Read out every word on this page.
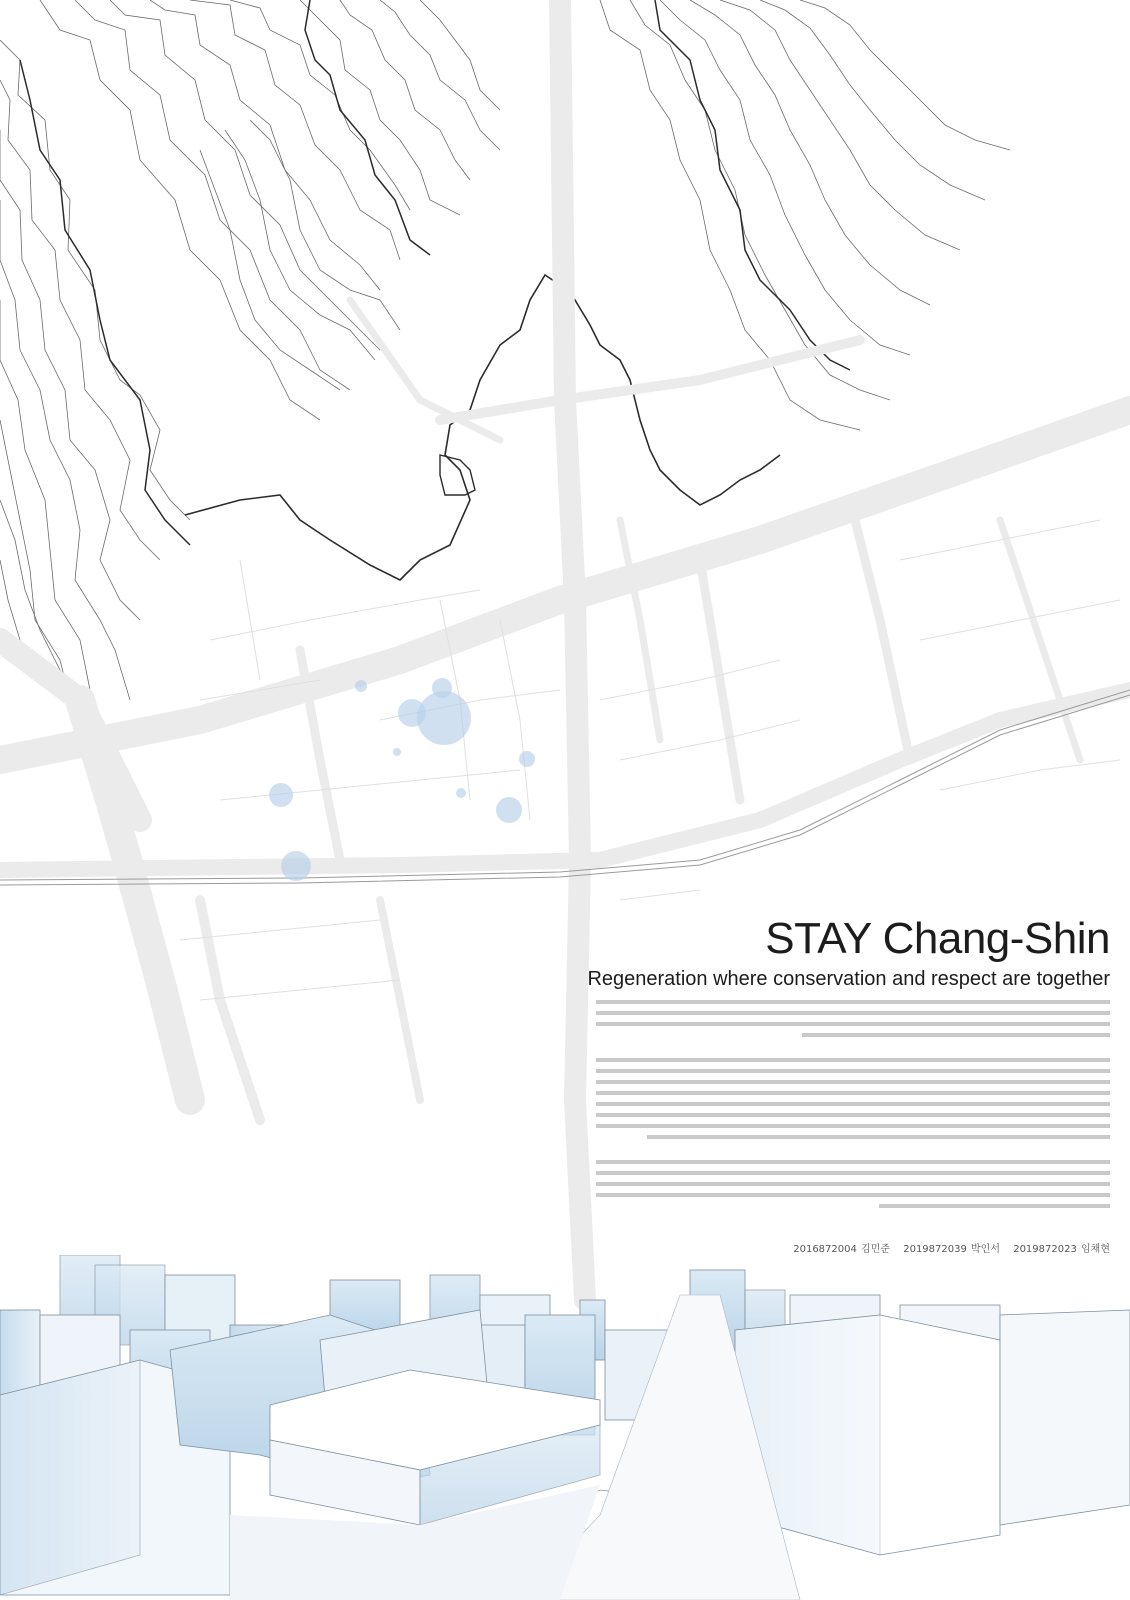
STAY Chang-Shin
Regeneration where conservation and respect are together

2016872004 김민준 2019872039 박인서 2019872023 임채현
